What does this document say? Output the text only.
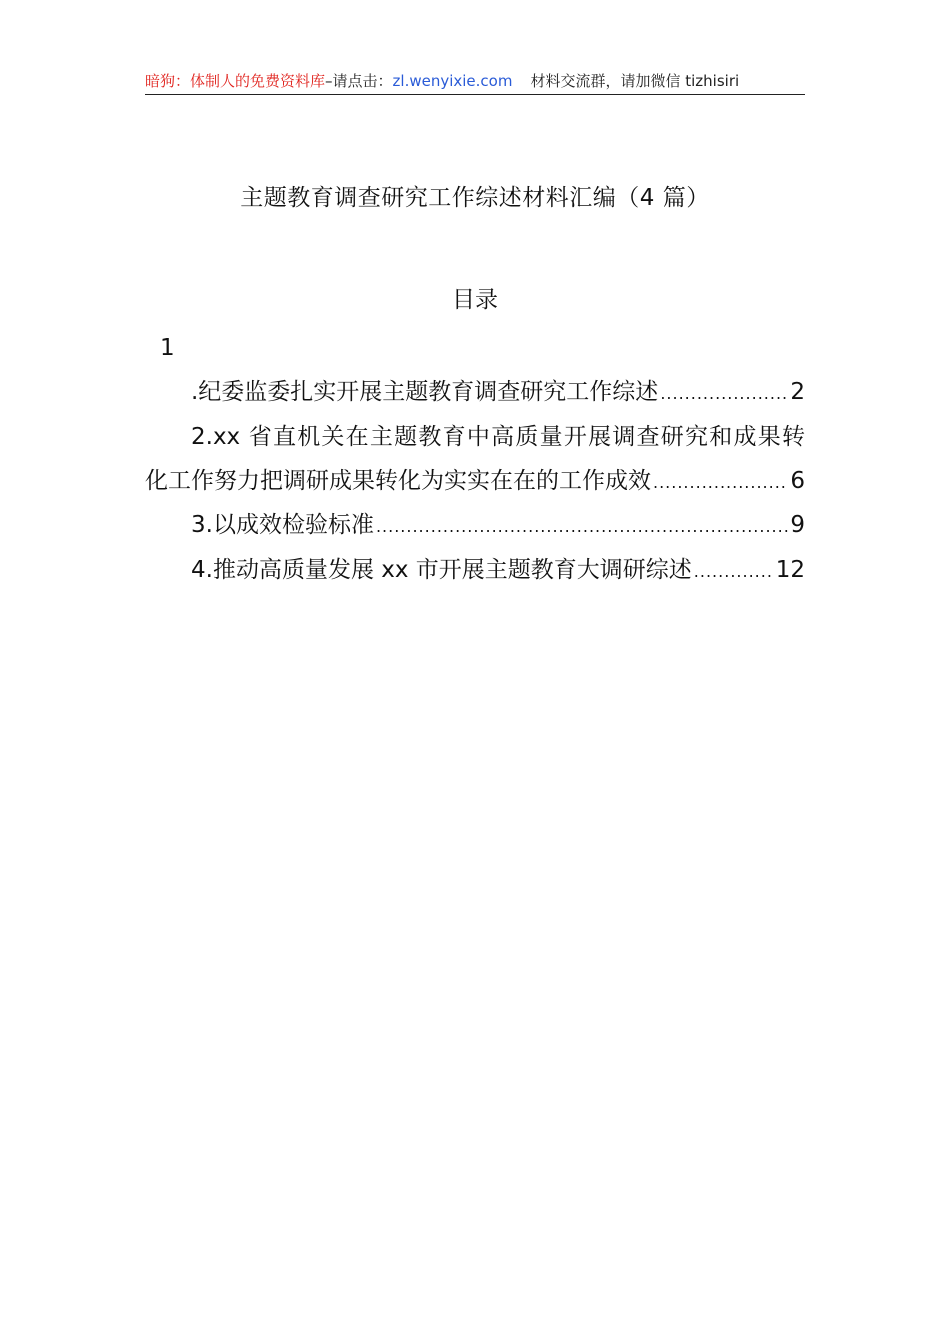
暗狗：体制人的免费资料库–请点击：zl.wenyixie.com 材料交流群，请加微信 tizhisiri
主题教育调查研究工作综述材料汇编（4 篇）
目录
1
.纪委监委扎实开展主题教育调查研究工作综述 .....	2
2.xx 省直机关在主题教育中高质量开展调查研究和成果转
化工作努力把调研成果转化为实实在在的工作成效 .....	6
3.以成效检验标准 .....	9
4.推动高质量发展 xx 市开展主题教育大调研综述 .....	12
